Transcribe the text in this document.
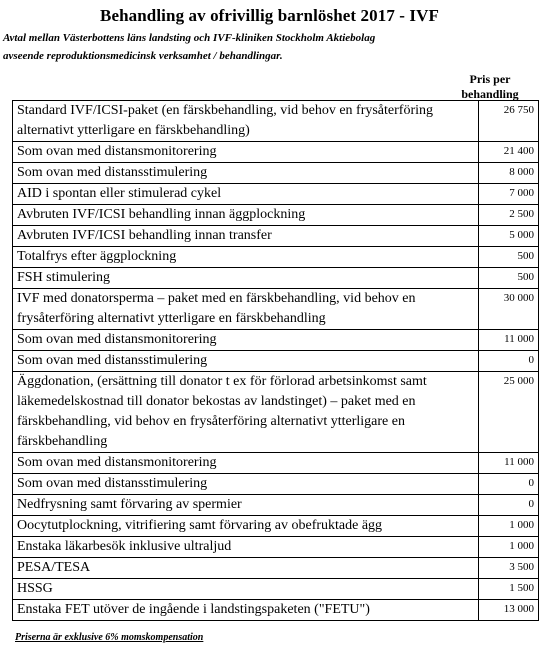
Behandling av ofrivillig barnlöshet 2017 - IVF
Avtal mellan Västerbottens läns landsting och IVF-kliniken Stockholm Aktiebolag
avseende reproduktionsmedicinsk verksamhet / behandlingar.
Pris per
behandling
Standard IVF/ICSI-paket (en färskbehandling, vid behov en frysåterföring alternativt ytterligare en färskbehandling)	26 750
Som ovan med distansmonitorering	21 400
Som ovan med distansstimulering	8 000
AID i spontan eller stimulerad cykel	7 000
Avbruten IVF/ICSI behandling innan äggplockning	2 500
Avbruten IVF/ICSI behandling innan transfer	5 000
Totalfrys efter äggplockning	500
FSH stimulering	500
IVF med donatorsperma – paket med en färskbehandling, vid behov en frysåterföring alternativt ytterligare en färskbehandling	30 000
Som ovan med distansmonitorering	11 000
Som ovan med distansstimulering	0
Äggdonation, (ersättning till donator t ex för förlorad arbetsinkomst samt läkemedelskostnad till donator bekostas av landstinget) – paket med en färskbehandling, vid behov en frysåterföring alternativt ytterligare en färskbehandling	25 000
Som ovan med distansmonitorering	11 000
Som ovan med distansstimulering	0
Nedfrysning samt förvaring av spermier	0
Oocytutplockning, vitrifiering samt förvaring av obefruktade ägg	1 000
Enstaka läkarbesök inklusive ultraljud	1 000
PESA/TESA	3 500
HSSG	1 500
Enstaka FET utöver de ingående i landstingspaketen ("FETU")	13 000
Priserna är exklusive 6% momskompensation
